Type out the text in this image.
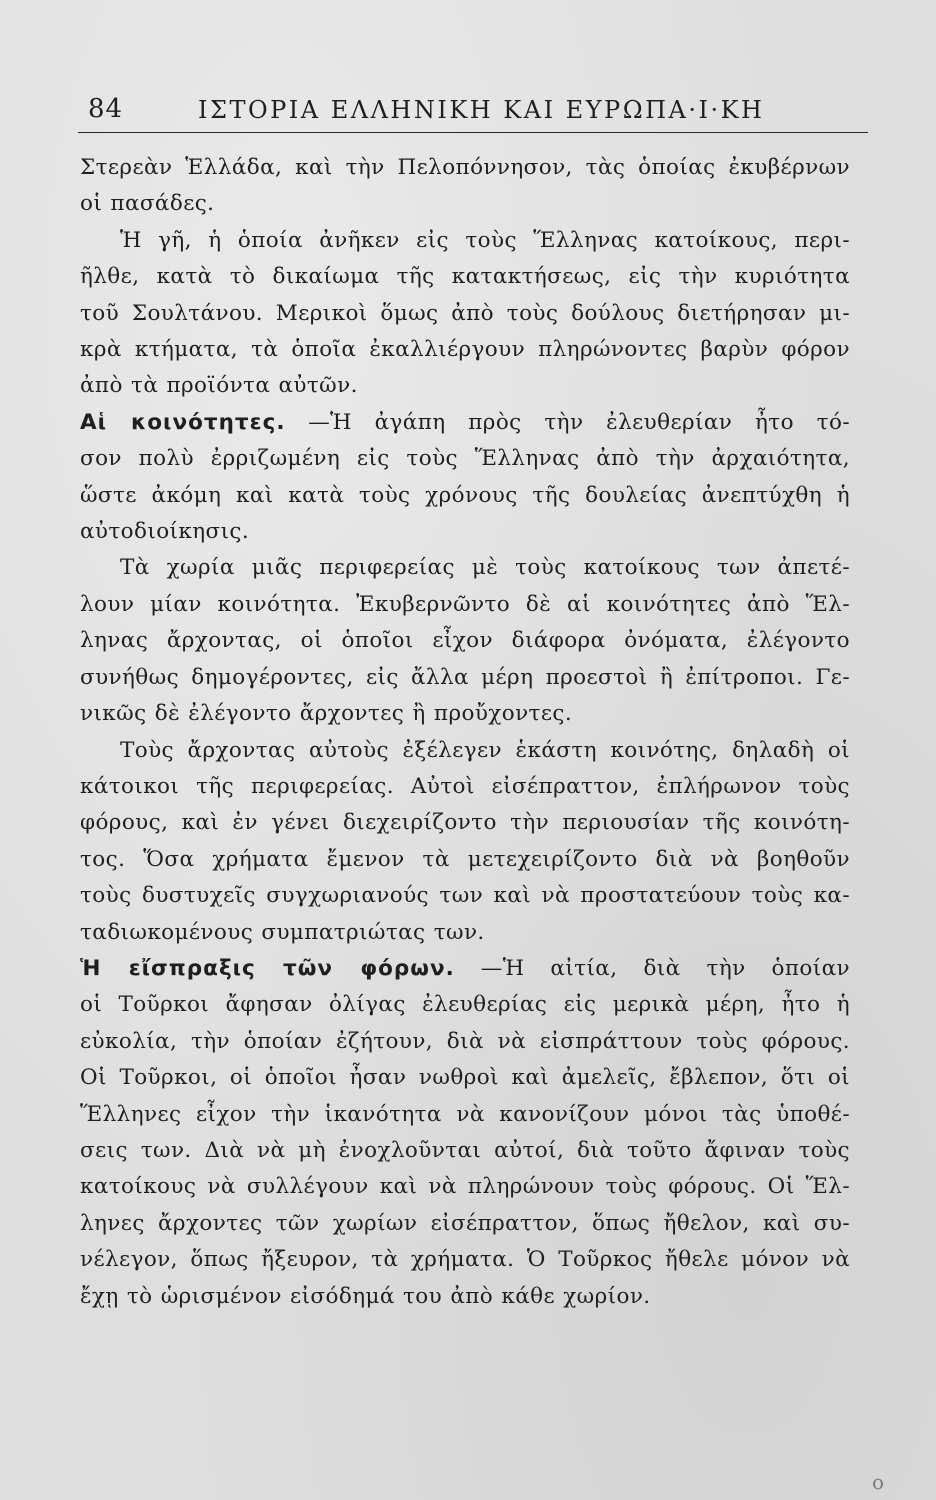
84	ΙΣΤΟΡΙΑ ΕΛΛΗΝΙΚΗ ΚΑΙ ΕΥΡΩΠΑ·Ι·ΚΗ
Στερεὰν Ἑλλάδα, καὶ τὴν Πελοπόννησον, τὰς ὁποίας ἐκυβέρνων
οἱ πασάδες.
Ἡ γῆ, ἡ ὁποία ἀνῆκεν εἰς τοὺς Ἕλληνας κατοίκους, περι-
ῆλθε, κατὰ τὸ δικαίωμα τῆς κατακτήσεως, εἰς τὴν κυριότητα
τοῦ Σουλτάνου. Μερικοὶ ὅμως ἀπὸ τοὺς δούλους διετήρησαν μι-
κρὰ κτήματα, τὰ ὁποῖα ἐκαλλιέργουν πληρώνοντες βαρὺν φόρον
ἀπὸ τὰ προϊόντα αὐτῶν.
Αἱ κοινότητες. —Ἡ ἀγάπη πρὸς τὴν ἐλευθερίαν ἦτο τό-
σον πολὺ ἐρριζωμένη εἰς τοὺς Ἕλληνας ἀπὸ τὴν ἀρχαιότητα,
ὥστε ἀκόμη καὶ κατὰ τοὺς χρόνους τῆς δουλείας ἀνεπτύχθη ἡ
αὐτοδιοίκησις.
Τὰ χωρία μιᾶς περιφερείας μὲ τοὺς κατοίκους των ἀπετέ-
λουν μίαν κοινότητα. Ἐκυβερνῶντο δὲ αἱ κοινότητες ἀπὸ Ἕλ-
ληνας ἄρχοντας, οἱ ὁποῖοι εἶχον διάφορα ὀνόματα, ἐλέγοντο
συνήθως δημογέροντες, εἰς ἄλλα μέρη προεστοὶ ἢ ἐπίτροποι. Γε-
νικῶς δὲ ἐλέγοντο ἄρχοντες ἢ προὔχοντες.
Τοὺς ἄρχοντας αὐτοὺς ἐξέλεγεν ἑκάστη κοινότης, δηλαδὴ οἱ
κάτοικοι τῆς περιφερείας. Αὐτοὶ εἰσέπραττον, ἐπλήρωνον τοὺς
φόρους, καὶ ἐν γένει διεχειρίζοντο τὴν περιουσίαν τῆς κοινότη-
τος. Ὅσα χρήματα ἔμενον τὰ μετεχειρίζοντο διὰ νὰ βοηθοῦν
τοὺς δυστυχεῖς συγχωριανούς των καὶ νὰ προστατεύουν τοὺς κα-
ταδιωκομένους συμπατριώτας των.
Ἡ εἴσπραξις τῶν φόρων. —Ἡ αἰτία, διὰ τὴν ὁποίαν
οἱ Τοῦρκοι ἄφησαν ὀλίγας ἐλευθερίας εἰς μερικὰ μέρη, ἦτο ἡ
εὐκολία, τὴν ὁποίαν ἐζήτουν, διὰ νὰ εἰσπράττουν τοὺς φόρους.
Οἱ Τοῦρκοι, οἱ ὁποῖοι ἦσαν νωθροὶ καὶ ἀμελεῖς, ἔβλεπον, ὅτι οἱ
Ἕλληνες εἶχον τὴν ἱκανότητα νὰ κανονίζουν μόνοι τὰς ὑποθέ-
σεις των. Διὰ νὰ μὴ ἐνοχλοῦνται αὐτοί, διὰ τοῦτο ἄφιναν τοὺς
κατοίκους νὰ συλλέγουν καὶ νὰ πληρώνουν τοὺς φόρους. Οἱ Ἕλ-
ληνες ἄρχοντες τῶν χωρίων εἰσέπραττον, ὅπως ἤθελον, καὶ συ-
νέλεγον, ὅπως ἤξευρον, τὰ χρήματα. Ὁ Τοῦρκος ἤθελε μόνον νὰ
ἔχῃ τὸ ὡρισμένον εἰσόδημά του ἀπὸ κάθε χωρίον.
ο
